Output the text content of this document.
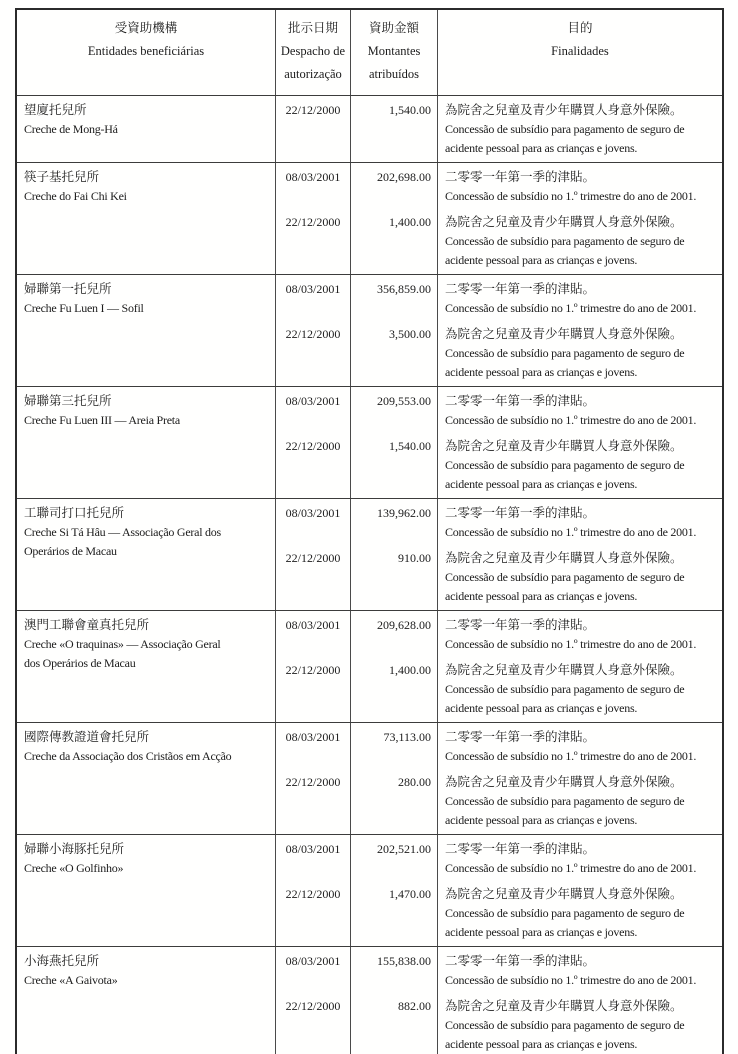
受資助機構
Entidades beneficiárias
批示日期
Despacho de
autorização
資助金額
Montantes
atribuídos
目的
Finalidades
望廈托兒所
Creche de Mong-Há
22/12/2000	1,540.00 為院舍之兒童及青少年購買人身意外保險。
Concessão de subsídio para pagamento de seguro de
acidente pessoal para as crianças e jovens.
筷子基托兒所
Creche do Fai Chi Kei
08/03/2001
22/12/2000
202,698.00
1,400.00
二零零一年第一季的津貼。
Concessão de subsídio no 1.º trimestre do ano de 2001.
為院舍之兒童及青少年購買人身意外保險。
Concessão de subsídio para pagamento de seguro de
acidente pessoal para as crianças e jovens.
婦聯第一托兒所
Creche Fu Luen I — Sofil
08/03/2001
22/12/2000
356,859.00
3,500.00
二零零一年第一季的津貼。
Concessão de subsídio no 1.º trimestre do ano de 2001.
為院舍之兒童及青少年購買人身意外保險。
Concessão de subsídio para pagamento de seguro de
acidente pessoal para as crianças e jovens.
婦聯第三托兒所
Creche Fu Luen III — Areia Preta
08/03/2001
22/12/2000
209,553.00
1,540.00
二零零一年第一季的津貼。
Concessão de subsídio no 1.º trimestre do ano de 2001.
為院舍之兒童及青少年購買人身意外保險。
Concessão de subsídio para pagamento de seguro de
acidente pessoal para as crianças e jovens.
工聯司打口托兒所
Creche Si Tá Hâu — Associação Geral dos
Operários de Macau
08/03/2001
22/12/2000
139,962.00
910.00
二零零一年第一季的津貼。
Concessão de subsídio no 1.º trimestre do ano de 2001.
為院舍之兒童及青少年購買人身意外保險。
Concessão de subsídio para pagamento de seguro de
acidente pessoal para as crianças e jovens.
澳門工聯會童真托兒所
Creche «O traquinas» — Associação Geral
dos Operários de Macau
08/03/2001
22/12/2000
209,628.00
1,400.00
二零零一年第一季的津貼。
Concessão de subsídio no 1.º trimestre do ano de 2001.
為院舍之兒童及青少年購買人身意外保險。
Concessão de subsídio para pagamento de seguro de
acidente pessoal para as crianças e jovens.
國際傳教證道會托兒所
Creche da Associação dos Cristãos em Acção
08/03/2001
22/12/2000
73,113.00
280.00
二零零一年第一季的津貼。
Concessão de subsídio no 1.º trimestre do ano de 2001.
為院舍之兒童及青少年購買人身意外保險。
Concessão de subsídio para pagamento de seguro de
acidente pessoal para as crianças e jovens.
婦聯小海豚托兒所
Creche «O Golfinho»
08/03/2001
22/12/2000
202,521.00
1,470.00
二零零一年第一季的津貼。
Concessão de subsídio no 1.º trimestre do ano de 2001.
為院舍之兒童及青少年購買人身意外保險。
Concessão de subsídio para pagamento de seguro de
acidente pessoal para as crianças e jovens.
小海燕托兒所
Creche «A Gaivota»
08/03/2001
22/12/2000
155,838.00
882.00
二零零一年第一季的津貼。
Concessão de subsídio no 1.º trimestre do ano de 2001.
為院舍之兒童及青少年購買人身意外保險。
Concessão de subsídio para pagamento de seguro de
acidente pessoal para as crianças e jovens.
